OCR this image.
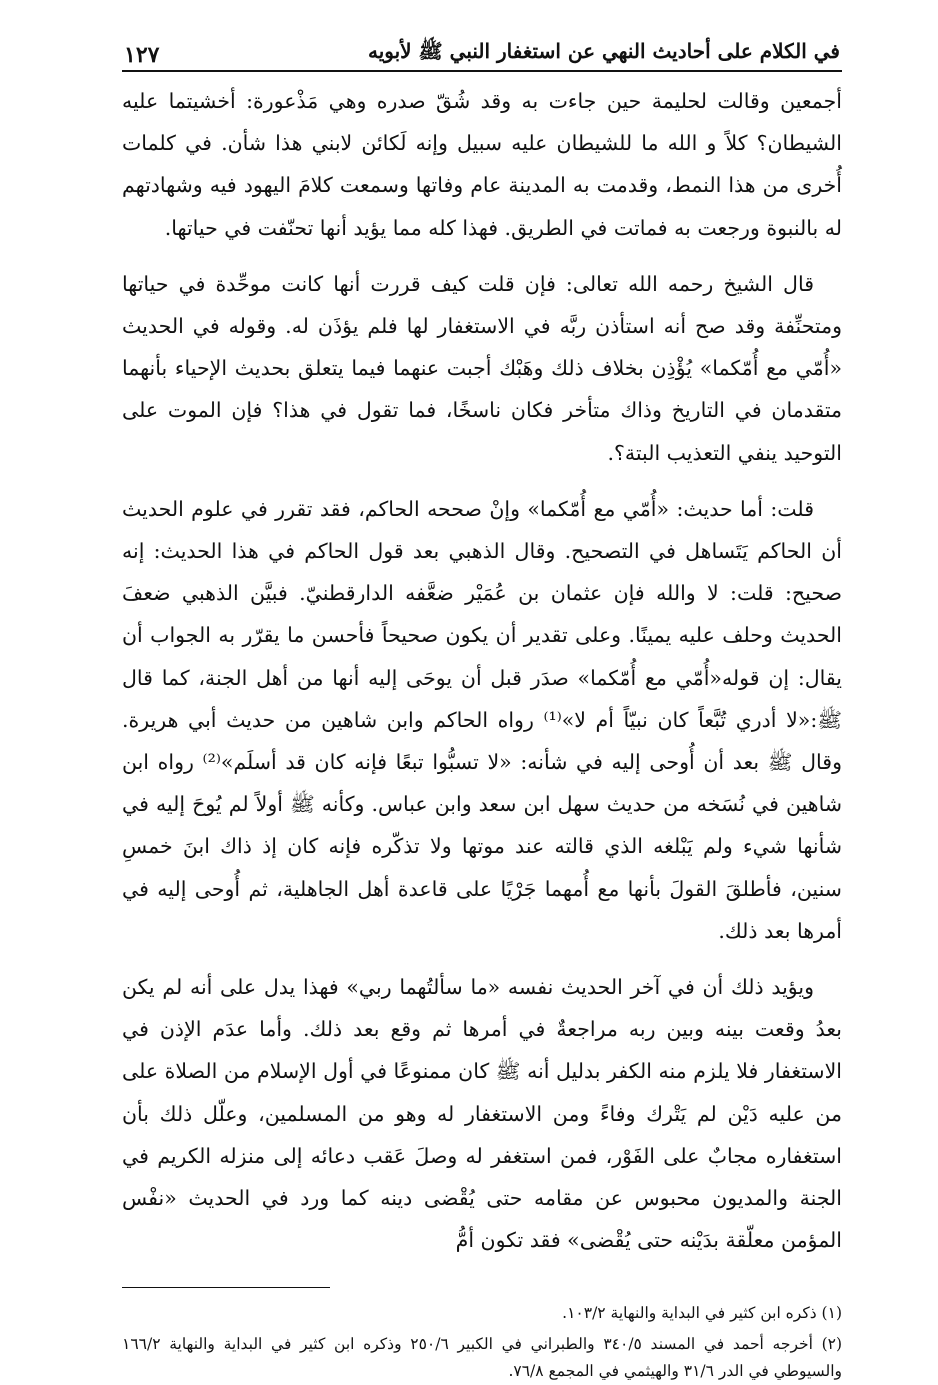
في الكلام على أحاديث النهي عن استغفار النبي ﷺ لأبويه
١٢٧

أجمعين وقالت لحليمة حين جاءت به وقد شُقّ صدره وهي مَذْعورة: أخشيتما عليه الشيطان؟ كلاً و الله ما للشيطان عليه سبيل وإنه لَكائن لابني هذا شأن. في كلمات أُخرى من هذا النمط، وقدمت به المدينة عام وفاتها وسمعت كلامَ اليهود فيه وشهادتهم له بالنبوة ورجعت به فماتت في الطريق. فهذا كله مما يؤيد أنها تحنّفت في حياتها.

قال الشيخ رحمه الله تعالى: فإن قلت كيف قررت أنها كانت موحِّدة في حياتها ومتحنِّفة وقد صح أنه استأذن ربَّه في الاستغفار لها فلم يؤذَن له. وقوله في الحديث «أُمّي مع أُمّكما» يُؤْذِن بخلاف ذلك وهَبْك أجبت عنهما فيما يتعلق بحديث الإحياء بأنهما متقدمان في التاريخ وذاك متأخر فكان ناسخًا، فما تقول في هذا؟ فإن الموت على التوحيد ينفي التعذيب البتة؟.

قلت: أما حديث: «أُمّي مع أُمّكما» وإنْ صححه الحاكم، فقد تقرر في علوم الحديث أن الحاكم يَتَساهل في التصحيح. وقال الذهبي بعد قول الحاكم في هذا الحديث: إنه صحيح: قلت: لا والله فإن عثمان بن عُمَيْر ضعَّفه الدارقطنيّ. فبيَّن الذهبي ضعفَ الحديث وحلف عليه يمينًا. وعلى تقدير أن يكون صحيحاً فأحسن ما يقرّر به الجواب أن يقال: إن قوله«أُمّي مع أُمّكما» صدَر قبل أن يوحَى إليه أنها من أهل الجنة، كما قال ﷺ:«لا أدري تُبَّعاً كان نبيّاً أم لا»⁽¹⁾ رواه الحاكم وابن شاهين من حديث أبي هريرة. وقال ﷺ بعد أن أُوحى إليه في شأنه: «لا تسبُّوا تبعًا فإنه كان قد أسلَم»⁽²⁾ رواه ابن شاهين في نُسَخه من حديث سهل ابن سعد وابن عباس. وكأنه ﷺ أولاً لم يُوحَ إليه في شأنها شيء ولم يَبْلغه الذي قالته عند موتها ولا تذكّره فإنه كان إذ ذاك ابنَ خمسِ سنين، فأطلقَ القولَ بأنها مع أُمهما جَرْيًا على قاعدة أهل الجاهلية، ثم أُوحى إليه في أمرها بعد ذلك.

ويؤيد ذلك أن في آخر الحديث نفسه «ما سألتُهما ربي» فهذا يدل على أنه لم يكن بعدُ وقعت بينه وبين ربه مراجعةٌ في أمرها ثم وقع بعد ذلك. وأما عدَم الإذن في الاستغفار فلا يلزم منه الكفر بدليل أنه ﷺ كان ممنوعًا في أول الإسلام من الصلاة على من عليه دَيْن لم يَتْرك وفاءً ومن الاستغفار له وهو من المسلمين، وعلّل ذلك بأن استغفاره مجابٌ على الفَوْر، فمن استغفر له وصلَ عَقب دعائه إلى منزله الكريم في الجنة والمديون محبوس عن مقامه حتى يُقْضى دينه كما ورد في الحديث «نفْس المؤمن معلّقة بدَيْنه حتى يُقْضى» فقد تكون أمُّ

(١) ذكره ابن كثير في البداية والنهاية ١٠٣/٢.

(٢) أخرجه أحمد في المسند ٣٤٠/٥ والطبراني في الكبير ٢٥٠/٦ وذكره ابن كثير في البداية والنهاية ١٦٦/٢ والسيوطي في الدر ٣١/٦ والهيثمي في المجمع ٧٦/٨.
